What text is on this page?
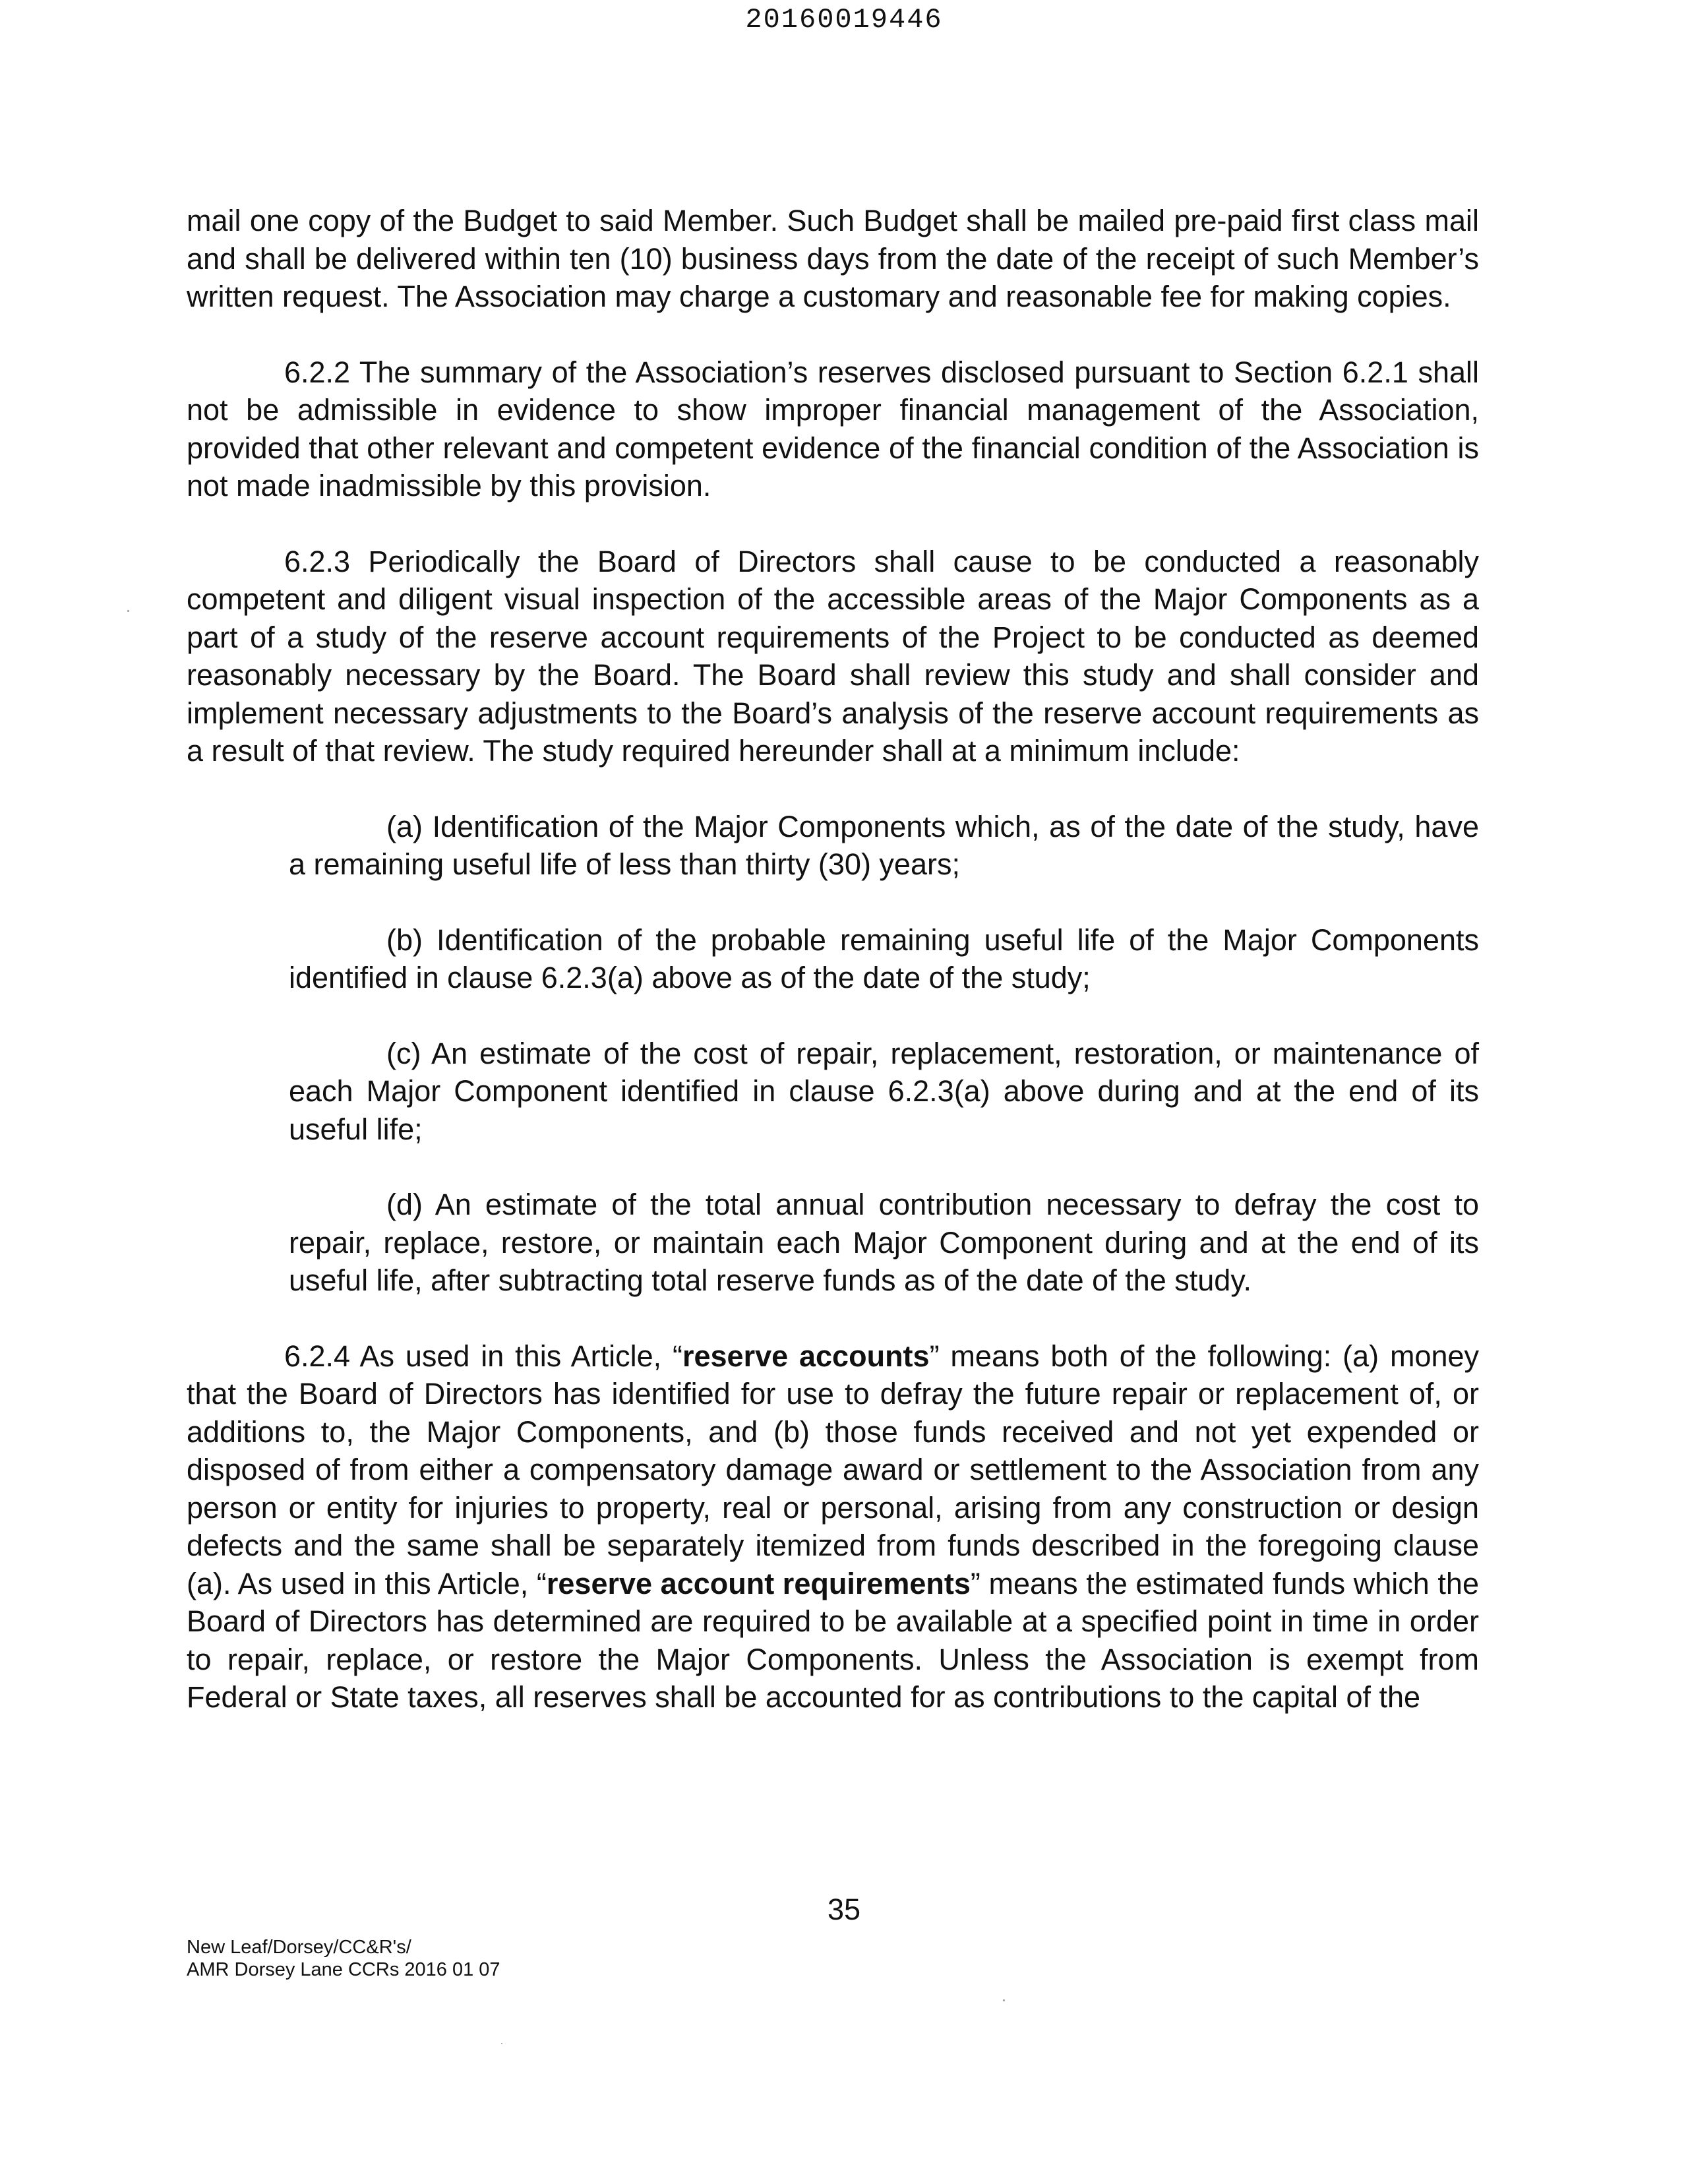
20160019446

mail one copy of the Budget to said Member. Such Budget shall be mailed pre-paid first class mail and shall be delivered within ten (10) business days from the date of the receipt of such Member’s written request. The Association may charge a customary and reasonable fee for making copies.

6.2.2 The summary of the Association’s reserves disclosed pursuant to Section 6.2.1 shall not be admissible in evidence to show improper financial management of the Association, provided that other relevant and competent evidence of the financial condition of the Association is not made inadmissible by this provision.

6.2.3 Periodically the Board of Directors shall cause to be conducted a reasonably competent and diligent visual inspection of the accessible areas of the Major Components as a part of a study of the reserve account requirements of the Project to be conducted as deemed reasonably necessary by the Board. The Board shall review this study and shall consider and implement necessary adjustments to the Board’s analysis of the reserve account requirements as a result of that review. The study required hereunder shall at a minimum include:

(a) Identification of the Major Components which, as of the date of the study, have a remaining useful life of less than thirty (30) years;

(b) Identification of the probable remaining useful life of the Major Components identified in clause 6.2.3(a) above as of the date of the study;

(c) An estimate of the cost of repair, replacement, restoration, or maintenance of each Major Component identified in clause 6.2.3(a) above during and at the end of its useful life;

(d) An estimate of the total annual contribution necessary to defray the cost to repair, replace, restore, or maintain each Major Component during and at the end of its useful life, after subtracting total reserve funds as of the date of the study.

6.2.4 As used in this Article, “reserve accounts” means both of the following: (a) money that the Board of Directors has identified for use to defray the future repair or replacement of, or additions to, the Major Components, and (b) those funds received and not yet expended or disposed of from either a compensatory damage award or settlement to the Association from any person or entity for injuries to property, real or personal, arising from any construction or design defects and the same shall be separately itemized from funds described in the foregoing clause (a). As used in this Article, “reserve account requirements” means the estimated funds which the Board of Directors has determined are required to be available at a specified point in time in order to repair, replace, or restore the Major Components. Unless the Association is exempt from Federal or State taxes, all reserves shall be accounted for as contributions to the capital of the

35
New Leaf/Dorsey/CC&R's/
AMR Dorsey Lane CCRs 2016 01 07
